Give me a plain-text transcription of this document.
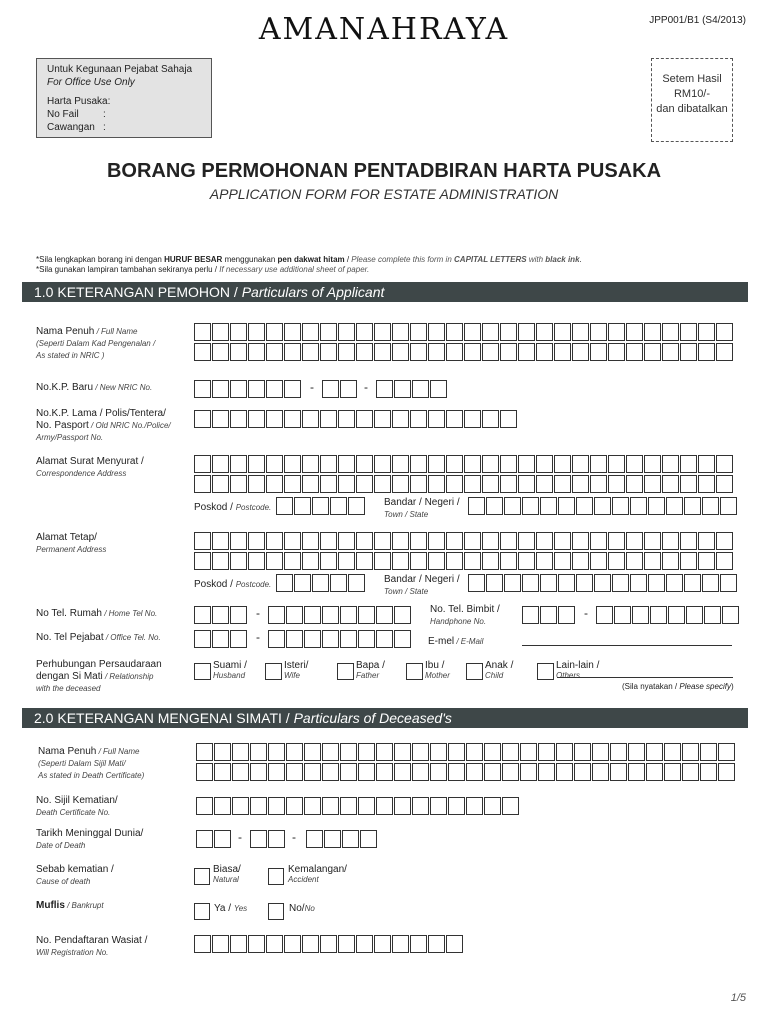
AMANAHRAYA	JPP001/B1 (S4/2013)
Untuk Kegunaan Pejabat Sahaja
For Office Use Only
Harta Pusaka:
No Fail :
Cawangan :
Setem Hasil
RM10/-
dan dibatalkan
BORANG PERMOHONAN PENTADBIRAN HARTA PUSAKA
APPLICATION FORM FOR ESTATE ADMINISTRATION
*Sila lengkapkan borang ini dengan HURUF BESAR menggunakan pen dakwat hitam / Please complete this form in CAPITAL LETTERS with black ink.
*Sila gunakan lampiran tambahan sekiranya perlu / If necessary use additional sheet of paper.
1.0 KETERANGAN PEMOHON / Particulars of Applicant
Nama Penuh / Full Name
(Seperti Dalam Kad Pengenalan /
As stated in NRIC )
No.K.P. Baru / New NRIC No.	-	-
No.K.P. Lama / Polis/Tentera/
No. Pasport / Old NRIC No./Police/
Army/Passport No.
Alamat Surat Menyurat /
Correspondence Address
Poskod / Postcode.	Bandar / Negeri /
Town / State
Alamat Tetap/
Permanent Address
Poskod / Postcode.	Bandar / Negeri /
Town / State
No Tel. Rumah / Home Tel No.	-	No. Tel. Bimbit /
Handphone No.
-
No. Tel Pejabat / Office Tel. No.	-	E-mel / E-Mail
Perhubungan Persaudaraan
dengan Si Mati / Relationship
with the deceased
Suami /
Husband
Isteri/
Wife
Bapa /
Father
Ibu /
Mother
Anak /
Child
Lain-lain /
Others
(Sila nyatakan / Please specify)
2.0 KETERANGAN MENGENAI SIMATI / Particulars of Deceased's
Nama Penuh / Full Name
(Seperti Dalam Sijil Mati/
As stated in Death Certificate)
No. Sijil Kematian/
Death Certificate No.
Tarikh Meninggal Dunia/
Date of Death
-	-
Sebab kematian /
Cause of death
Biasa/
Natural
Kemalangan/
Accident
Muflis / Bankrupt	Ya / Yes	No/No
No. Pendaftaran Wasiat /
Will Registration No.
1/5
